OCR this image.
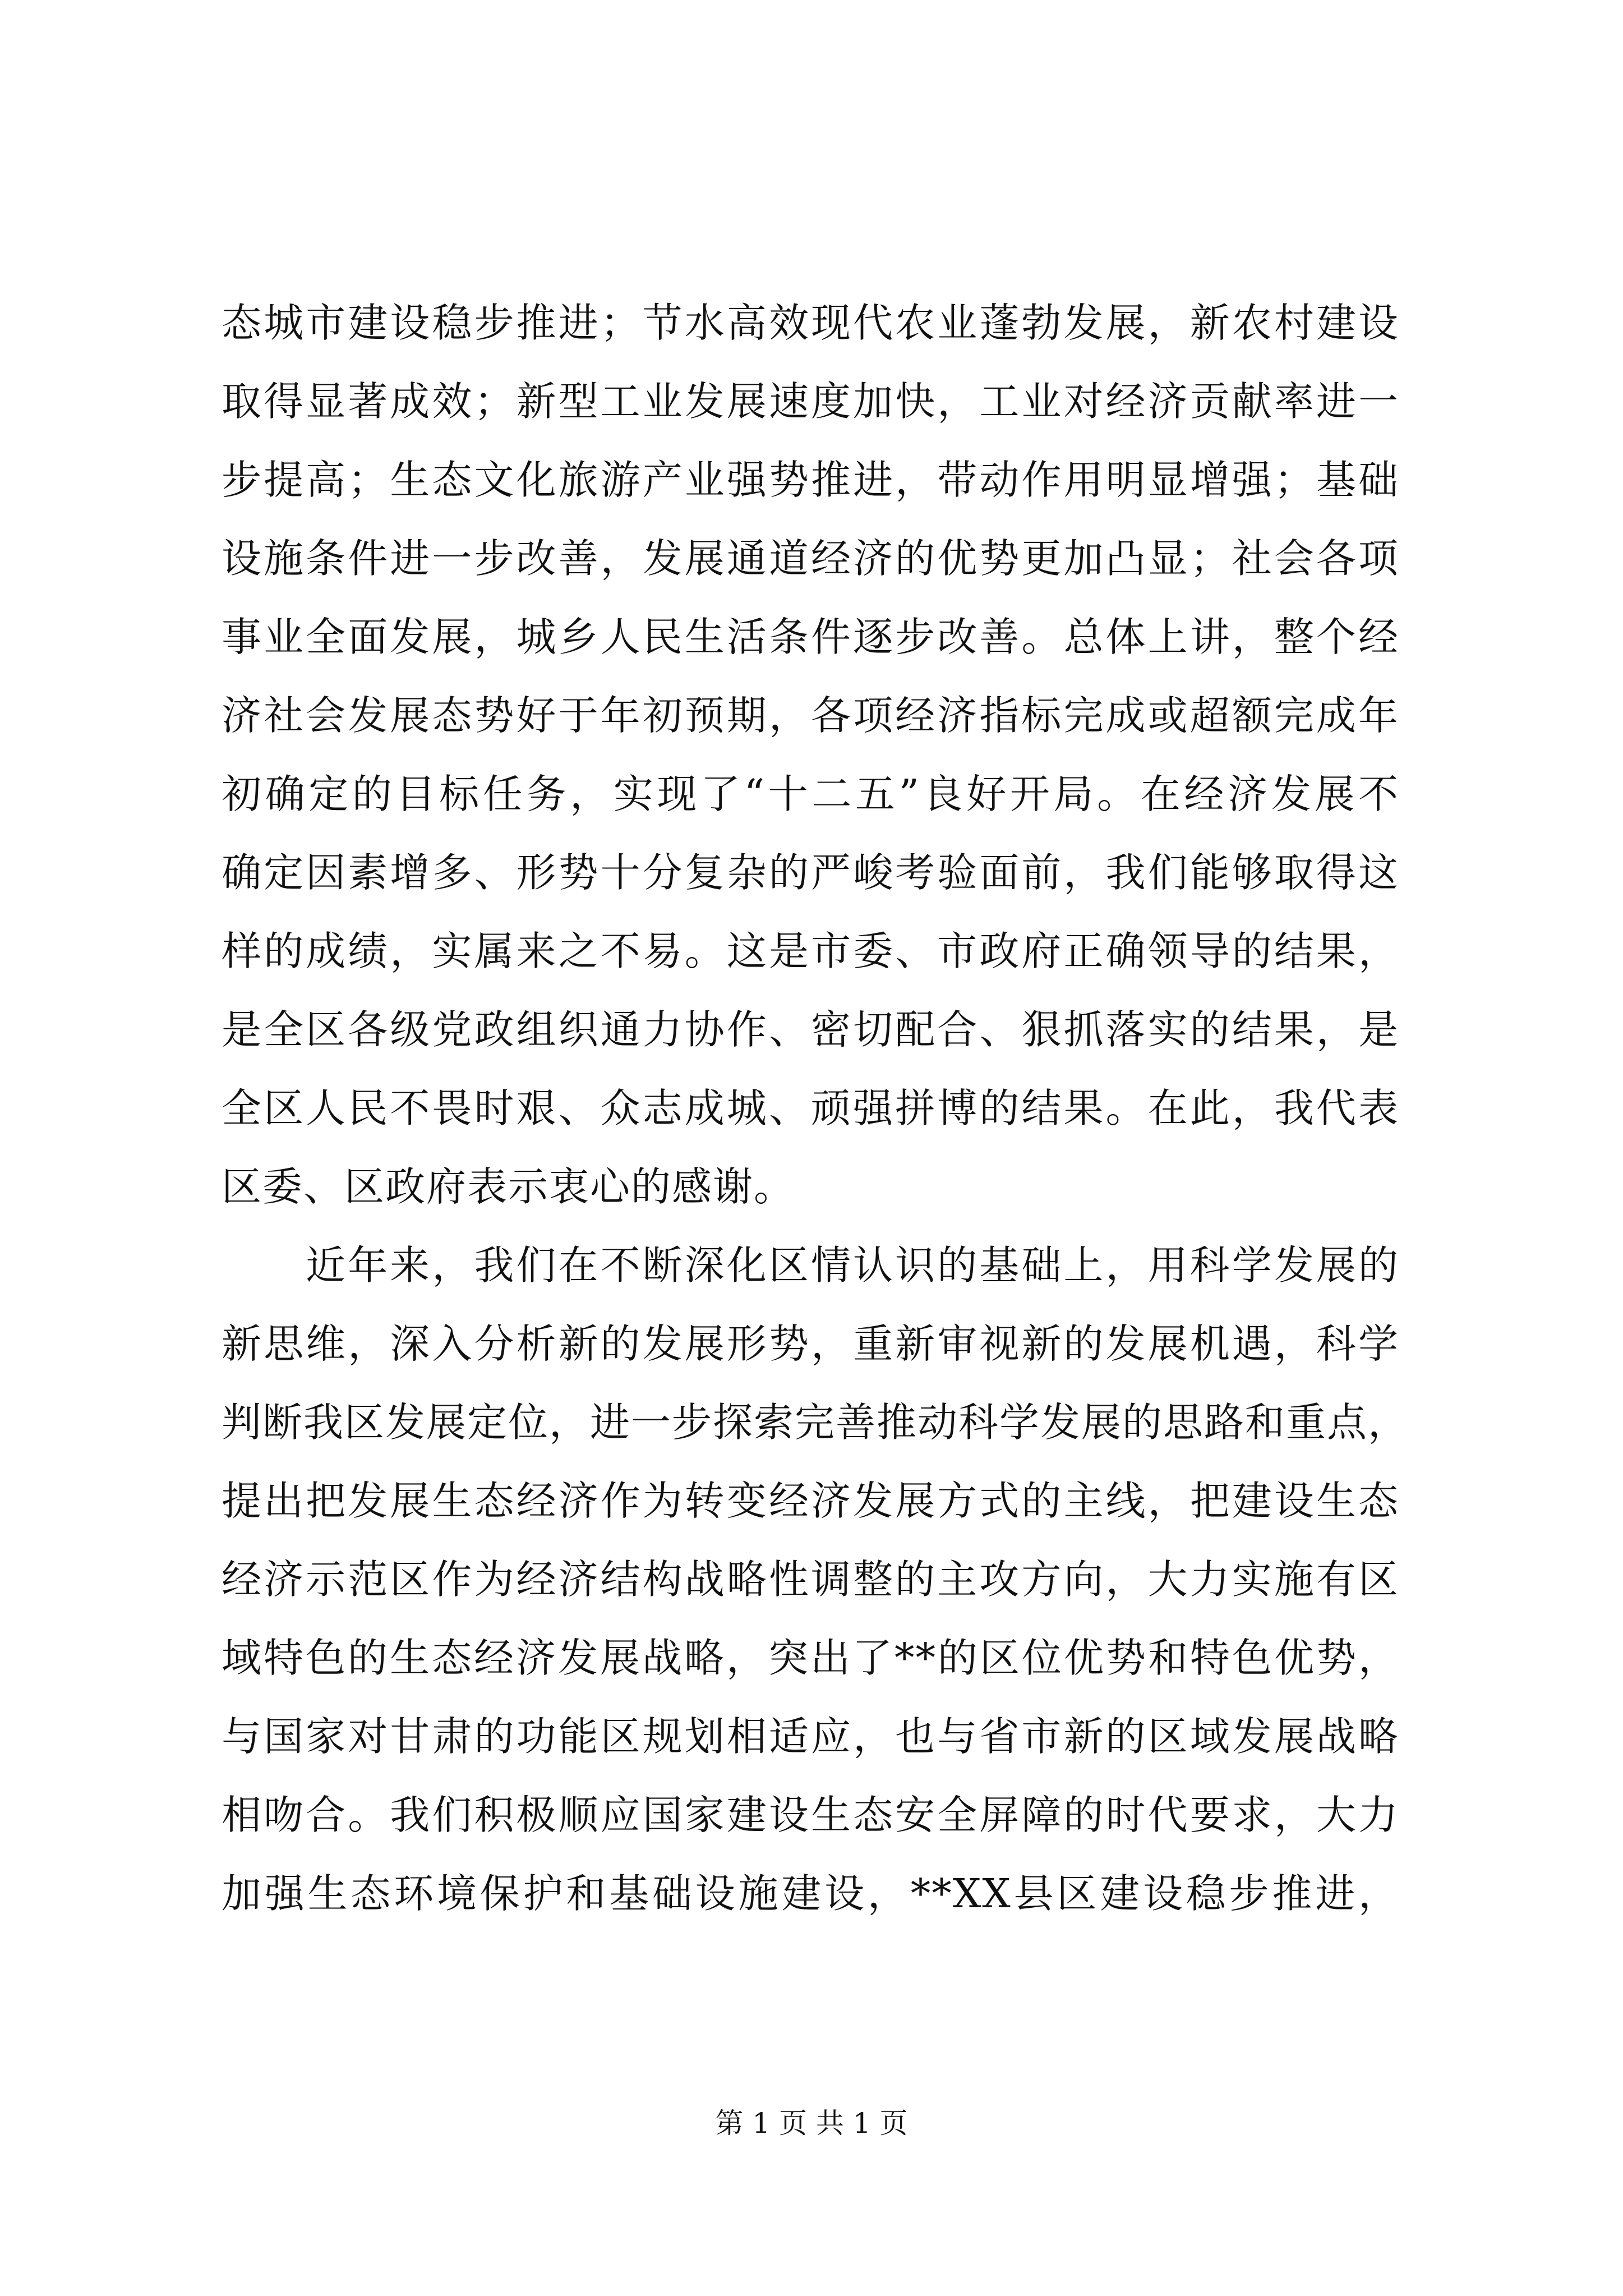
态城市建设稳步推进；节水高效现代农业蓬勃发展，新农村建设
取得显著成效；新型工业发展速度加快，工业对经济贡献率进一
步提高；生态文化旅游产业强势推进，带动作用明显增强；基础
设施条件进一步改善，发展通道经济的优势更加凸显；社会各项
事业全面发展，城乡人民生活条件逐步改善。总体上讲，整个经
济社会发展态势好于年初预期，各项经济指标完成或超额完成年
初确定的目标任务，实现了“十二五”良好开局。在经济发展不
确定因素增多、形势十分复杂的严峻考验面前，我们能够取得这
样的成绩，实属来之不易。这是市委、市政府正确领导的结果，
是全区各级党政组织通力协作、密切配合、狠抓落实的结果，是
全区人民不畏时艰、众志成城、顽强拼博的结果。在此，我代表
区委、区政府表示衷心的感谢。
近年来，我们在不断深化区情认识的基础上，用科学发展的
新思维，深入分析新的发展形势，重新审视新的发展机遇，科学
判断我区发展定位，进一步探索完善推动科学发展的思路和重点，
提出把发展生态经济作为转变经济发展方式的主线，把建设生态
经济示范区作为经济结构战略性调整的主攻方向，大力实施有区
域特色的生态经济发展战略，突出了**的区位优势和特色优势，
与国家对甘肃的功能区规划相适应，也与省市新的区域发展战略
相吻合。我们积极顺应国家建设生态安全屏障的时代要求，大力
加强生态环境保护和基础设施建设，**XX县区建设稳步推进，
第 1 页 共 1 页
